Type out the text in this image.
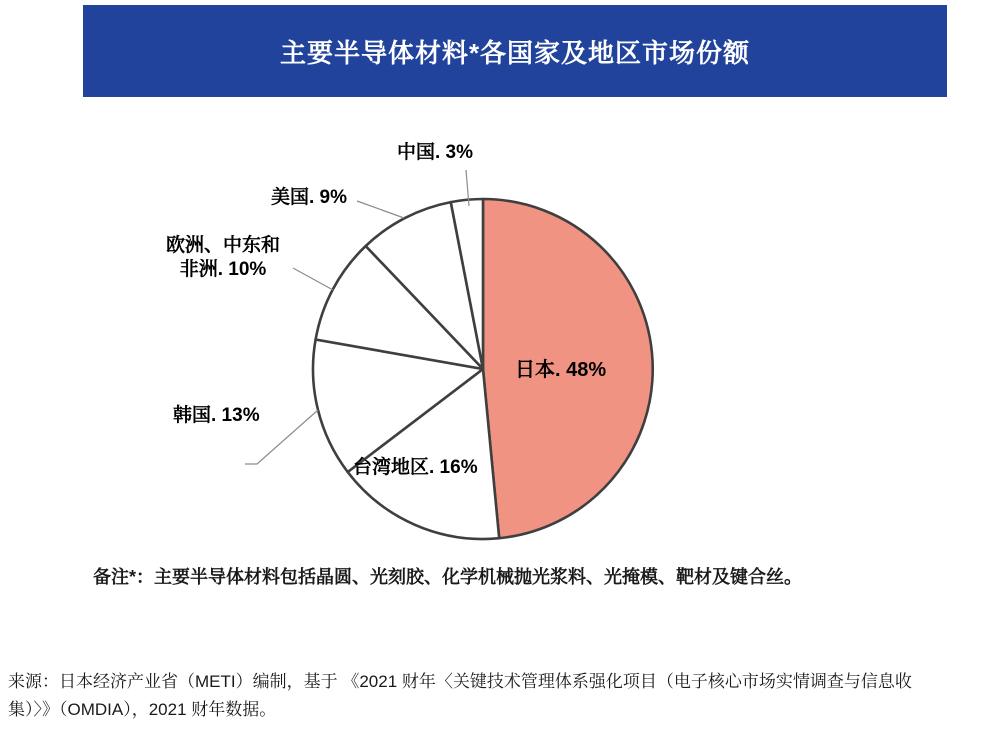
主要半导体材料*各国家及地区市场份额
中国. 3%
美国. 9%
欧洲、中东和
非洲. 10%
韩国. 13%
台湾地区. 16%
日本. 48%
备注*：主要半导体材料包括晶圆、光刻胶、化学机械抛光浆料、光掩模、靶材及键合丝。
来源：日本经济产业省（METI）编制，基于 《2021 财年〈关键技术管理体系强化项目（电子核心市场实情调查与信息收
集）〉》（OMDIA），2021 财年数据。
